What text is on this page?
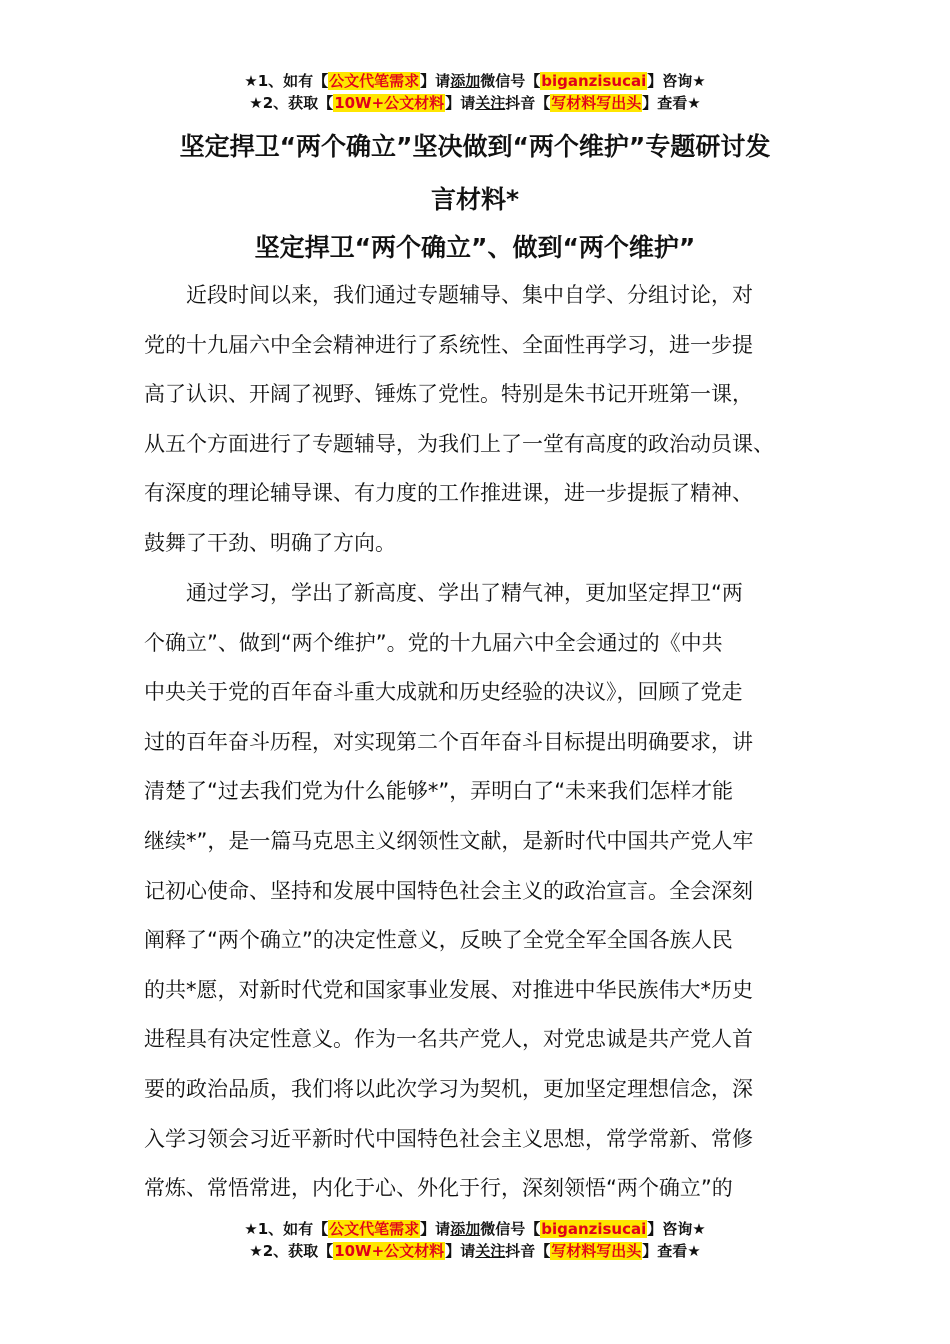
★1、如有【公文代笔需求】请添加微信号【biganzisucai】咨询★
★2、获取【10W+公文材料】请关注抖音【写材料写出头】查看★
坚定捍卫“两个确立”坚决做到“两个维护”专题研讨发
言材料*
坚定捍卫“两个确立”、做到“两个维护”
　　近段时间以来，我们通过专题辅导、集中自学、分组讨论，对
党的十九届六中全会精神进行了系统性、全面性再学习，进一步提
高了认识、开阔了视野、锤炼了党性。特别是朱书记开班第一课，
从五个方面进行了专题辅导，为我们上了一堂有高度的政治动员课、
有深度的理论辅导课、有力度的工作推进课，进一步提振了精神、
鼓舞了干劲、明确了方向。
　　通过学习，学出了新高度、学出了精气神，更加坚定捍卫“两
个确立”、做到“两个维护”。党的十九届六中全会通过的《中共
中央关于党的百年奋斗重大成就和历史经验的决议》，回顾了党走
过的百年奋斗历程，对实现第二个百年奋斗目标提出明确要求，讲
清楚了“过去我们党为什么能够*”，弄明白了“未来我们怎样才能
继续*”，是一篇马克思主义纲领性文献，是新时代中国共产党人牢
记初心使命、坚持和发展中国特色社会主义的政治宣言。全会深刻
阐释了“两个确立”的决定性意义，反映了全党全军全国各族人民
的共*愿，对新时代党和国家事业发展、对推进中华民族伟大*历史
进程具有决定性意义。作为一名共产党人，对党忠诚是共产党人首
要的政治品质，我们将以此次学习为契机，更加坚定理想信念，深
入学习领会习近平新时代中国特色社会主义思想，常学常新、常修
常炼、常悟常进，内化于心、外化于行，深刻领悟“两个确立”的
★1、如有【公文代笔需求】请添加微信号【biganzisucai】咨询★
★2、获取【10W+公文材料】请关注抖音【写材料写出头】查看★
